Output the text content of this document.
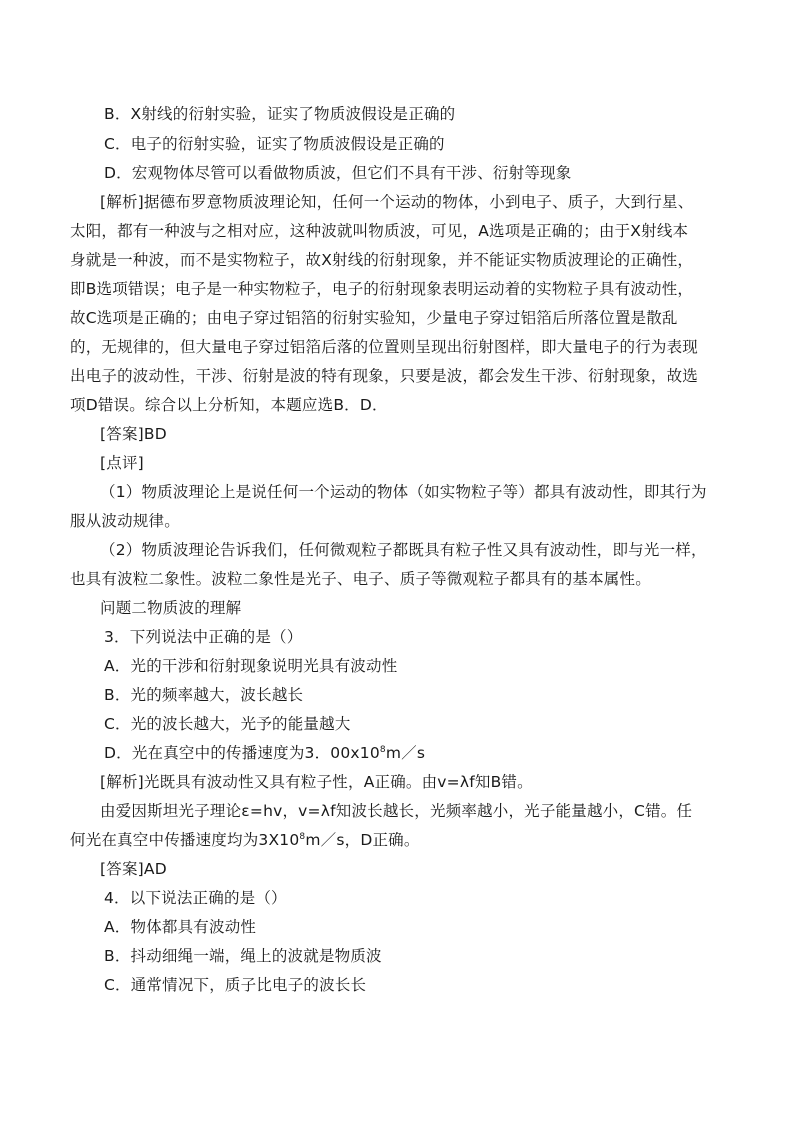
B．X射线的衍射实验，证实了物质波假设是正确的
C．电子的衍射实验，证实了物质波假设是正确的
D．宏观物体尽管可以看做物质波，但它们不具有干涉、衍射等现象
[解析]据德布罗意物质波理论知，任何一个运动的物体，小到电子、质子，大到行星、
太阳，都有一种波与之相对应，这种波就叫物质波，可见，A选项是正确的；由于X射线本
身就是一种波，而不是实物粒子，故X射线的衍射现象，并不能证实物质波理论的正确性，
即B选项错误；电子是一种实物粒子，电子的衍射现象表明运动着的实物粒子具有波动性，
故C选项是正确的；由电子穿过铝箔的衍射实验知，少量电子穿过铝箔后所落位置是散乱
的，无规律的，但大量电子穿过铝箔后落的位置则呈现出衍射图样，即大量电子的行为表现
出电子的波动性，干涉、衍射是波的特有现象，只要是波，都会发生干涉、衍射现象，故选
项D错误。综合以上分析知，本题应选B．D．
[答案]BD
[点评]
（1）物质波理论上是说任何一个运动的物体（如实物粒子等）都具有波动性，即其行为
服从波动规律。
（2）物质波理论告诉我们，任何微观粒子都既具有粒子性又具有波动性，即与光一样，
也具有波粒二象性。波粒二象性是光子、电子、质子等微观粒子都具有的基本属性。
问题二物质波的理解
3．下列说法中正确的是（）
A．光的干涉和衍射现象说明光具有波动性
B．光的频率越大，波长越长
C．光的波长越大，光予的能量越大
D．光在真空中的传播速度为3．$00x10^8m/s$
[解析]光既具有波动性又具有粒子性，A正确。由v=λf知B错。
由爱因斯坦光子理论ε=hv，v=λf知波长越长，光频率越小，光子能量越小，C错。任
何光在真空中传播速度均为$3X10^8m/s$，D正确。
[答案]AD
4．以下说法正确的是（）
A．物体都具有波动性
B．抖动细绳一端，绳上的波就是物质波
C．通常情况下，质子比电子的波长长
